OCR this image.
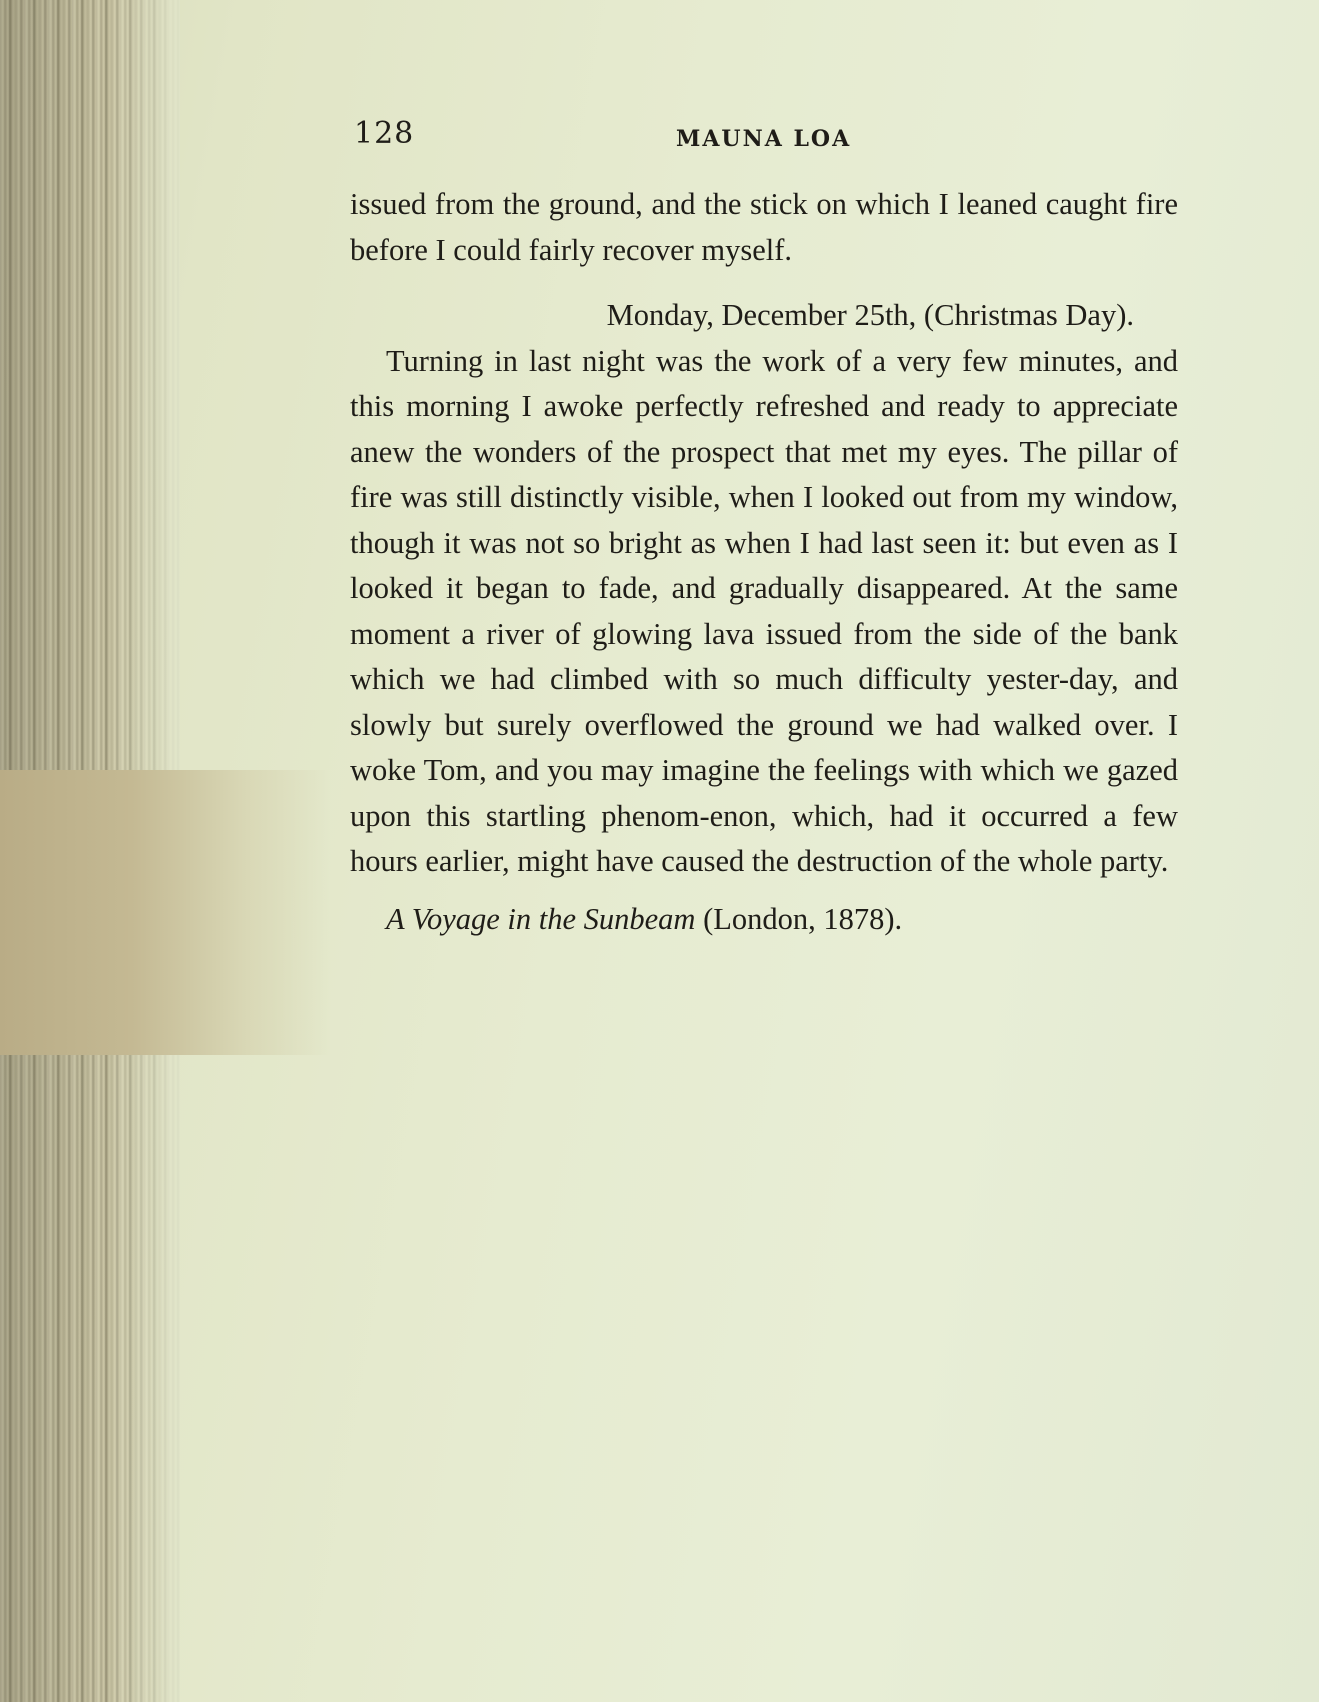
128	MAUNA LOA

issued from the ground, and the stick on which I leaned caught fire before I could fairly recover myself.

Monday, December 25th, (Christmas Day).

Turning in last night was the work of a very few minutes, and this morning I awoke perfectly refreshed and ready to appreciate anew the wonders of the prospect that met my eyes. The pillar of fire was still distinctly visible, when I looked out from my window, though it was not so bright as when I had last seen it: but even as I looked it began to fade, and gradually disappeared. At the same moment a river of glowing lava issued from the side of the bank which we had climbed with so much difficulty yester-day, and slowly but surely overflowed the ground we had walked over. I woke Tom, and you may imagine the feelings with which we gazed upon this startling phenom-enon, which, had it occurred a few hours earlier, might have caused the destruction of the whole party.

A Voyage in the Sunbeam (London, 1878).
